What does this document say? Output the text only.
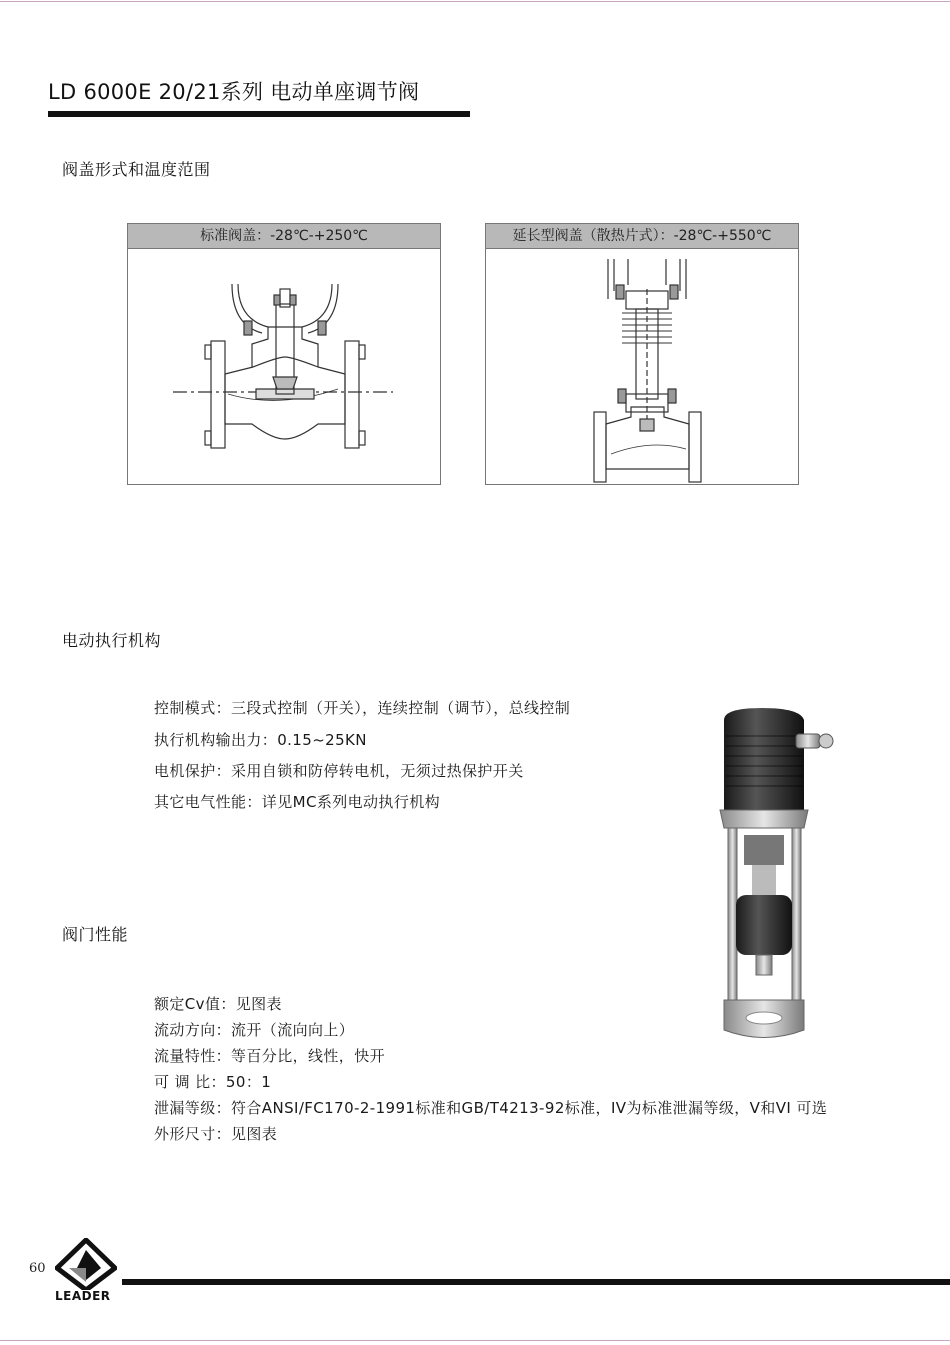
LD 6000E 20/21系列 电动单座调节阀
阀盖形式和温度范围
标准阀盖：-28℃-+250℃	延长型阀盖（散热片式）：-28℃-+550℃
电动执行机构
控制模式：三段式控制（开关），连续控制（调节），总线控制
执行机构输出力：0.15~25KN
电机保护：采用自锁和防停转电机，无须过热保护开关
其它电气性能：详见MC系列电动执行机构
阀门性能
额定Cv值：见图表
流动方向：流开（流向向上）
流量特性：等百分比，线性，快开
可 调 比：50：1
泄漏等级：符合ANSI/FC170-2-1991标准和GB/T4213-92标准，IV为标准泄漏等级，V和VI 可选
外形尺寸：见图表
60
LEADER
